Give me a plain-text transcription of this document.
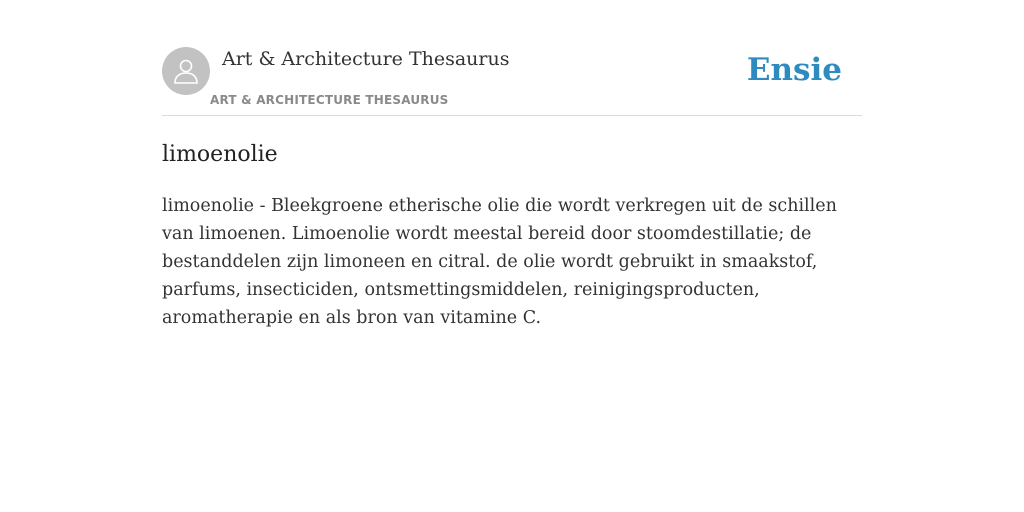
Art & Architecture Thesaurus
ART & ARCHITECTURE THESAURUS
Ensie
limoenolie

limoenolie - Bleekgroene etherische olie die wordt verkregen uit de schillen van limoenen. Limoenolie wordt meestal bereid door stoomdestillatie; de bestanddelen zijn limoneen en citral. de olie wordt gebruikt in smaakstof, parfums, insecticiden, ontsmettingsmiddelen, reinigingsproducten, aromatherapie en als bron van vitamine C.
